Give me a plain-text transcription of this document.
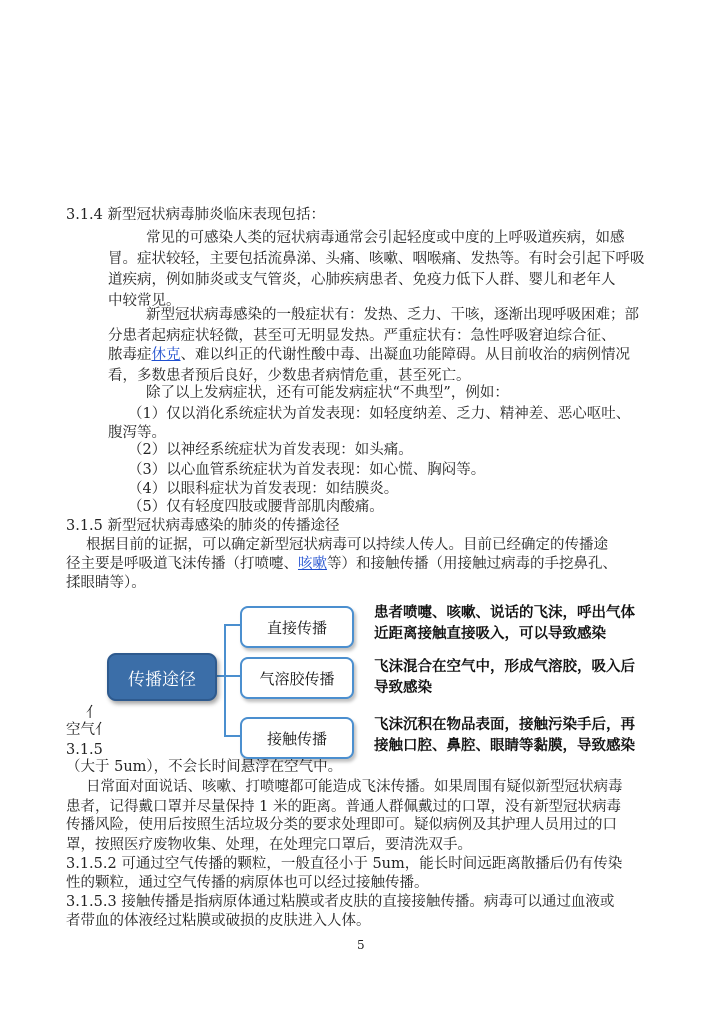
3.1.4 新型冠状病毒肺炎临床表现包括：
常见的可感染人类的冠状病毒通常会引起轻度或中度的上呼吸道疾病，如感
冒。症状较轻，主要包括流鼻涕、头痛、咳嗽、咽喉痛、发热等。有时会引起下呼吸
道疾病，例如肺炎或支气管炎，心肺疾病患者、免疫力低下人群、婴儿和老年人
中较常见。
新型冠状病毒感染的一般症状有：发热、乏力、干咳，逐渐出现呼吸困难；部
分患者起病症状轻微，甚至可无明显发热。严重症状有：急性呼吸窘迫综合征、
脓毒症休克、难以纠正的代谢性酸中毒、出凝血功能障碍。从目前收治的病例情况
看，多数患者预后良好，少数患者病情危重，甚至死亡。
除了以上发病症状，还有可能发病症状“不典型”，例如：
（1）仅以消化系统症状为首发表现：如轻度纳差、乏力、精神差、恶心呕吐、
腹泻等。
（2）以神经系统症状为首发表现：如头痛。
（3）以心血管系统症状为首发表现：如心慌、胸闷等。
（4）以眼科症状为首发表现：如结膜炎。
（5）仅有轻度四肢或腰背部肌肉酸痛。
3.1.5 新型冠状病毒感染的肺炎的传播途径
根据目前的证据，可以确定新型冠状病毒可以持续人传人。目前已经确定的传播途
径主要是呼吸道飞沫传播（打喷嚏、咳嗽等）和接触传播（用接触过病毒的手挖鼻孔、
揉眼睛等）。
亻
空气亻
3.1.5
（大于 5um），不会长时间悬浮在空气中。
传播途径
直接传播
气溶胶传播
接触传播
患者喷嚏、咳嗽、说话的飞沫，呼出气体
近距离接触直接吸入，可以导致感染
飞沫混合在空气中，形成气溶胶，吸入后
导致感染
飞沫沉积在物品表面，接触污染手后，再
接触口腔、鼻腔、眼睛等黏膜，导致感染
日常面对面说话、咳嗽、打喷嚏都可能造成飞沫传播。如果周围有疑似新型冠状病毒
患者，记得戴口罩并尽量保持 1 米的距离。普通人群佩戴过的口罩，没有新型冠状病毒
传播风险，使用后按照生活垃圾分类的要求处理即可。疑似病例及其护理人员用过的口
罩，按照医疗废物收集、处理，在处理完口罩后，要清洗双手。
3.1.5.2 可通过空气传播的颗粒，一般直径小于 5um，能长时间远距离散播后仍有传染
性的颗粒，通过空气传播的病原体也可以经过接触传播。
3.1.5.3 接触传播是指病原体通过粘膜或者皮肤的直接接触传播。病毒可以通过血液或
者带血的体液经过粘膜或破损的皮肤进入人体。
5
